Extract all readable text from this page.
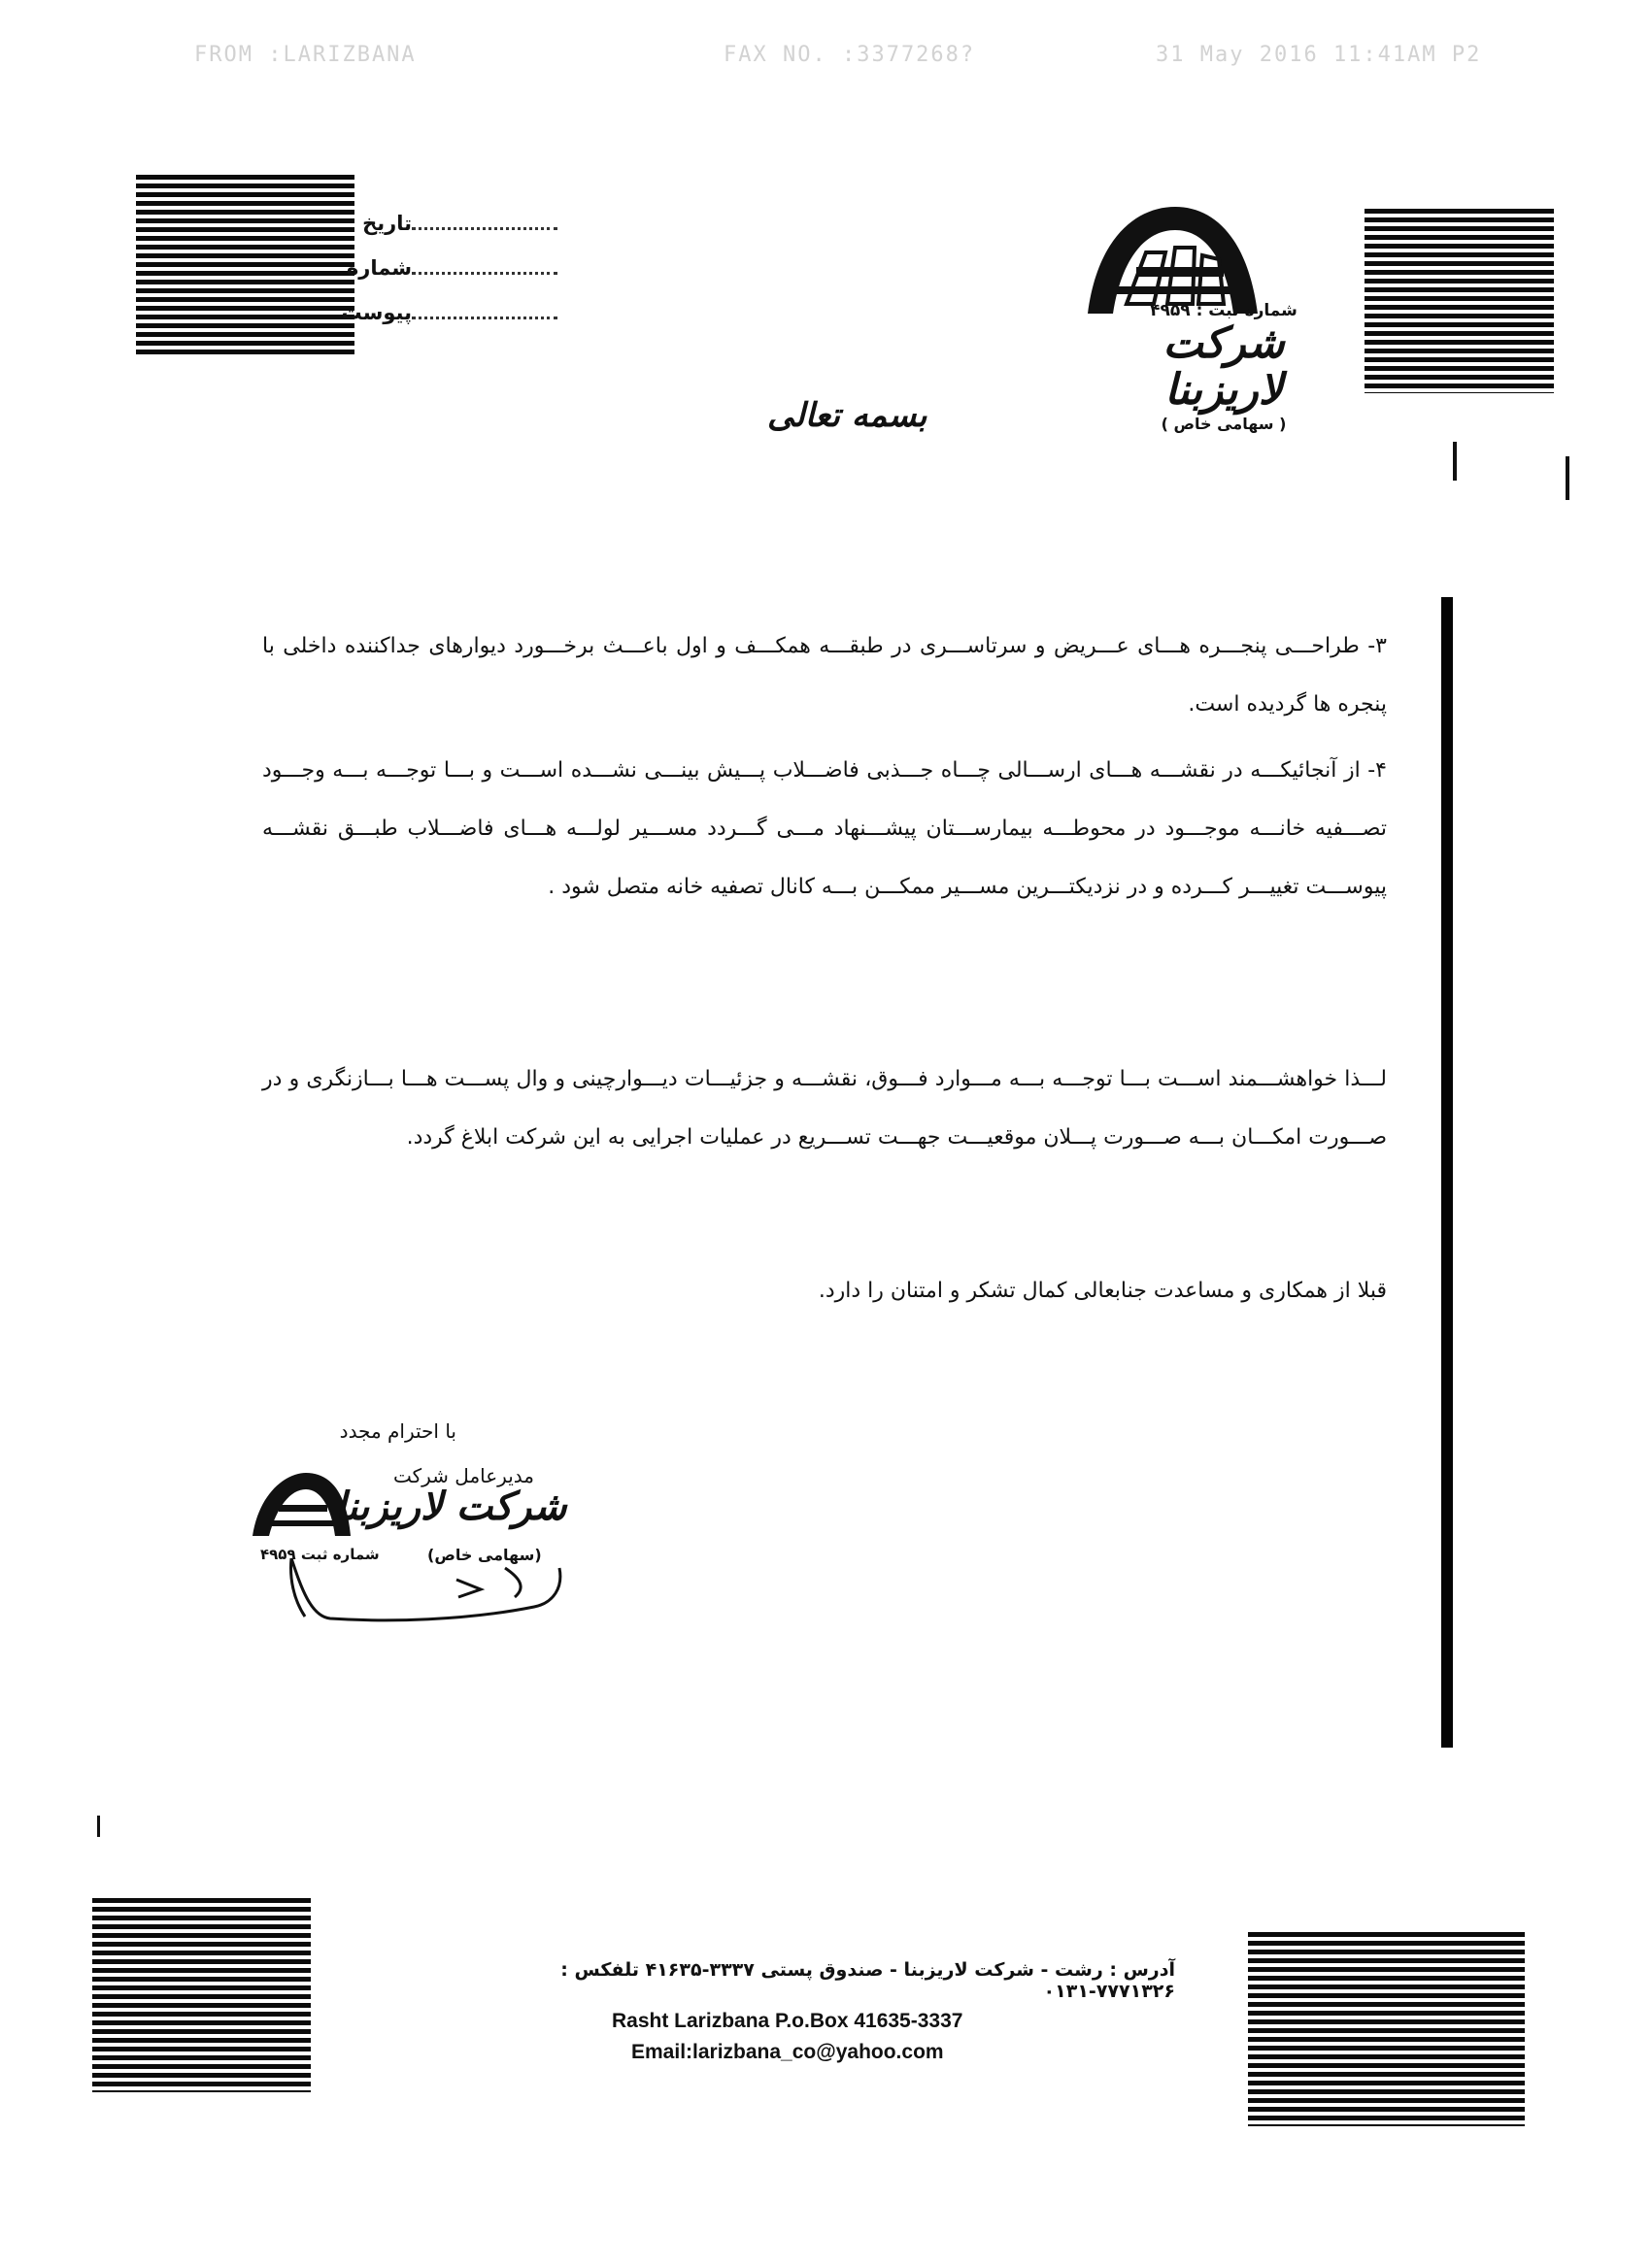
FROM :LARIZBANA	FAX NO. :3377268?	31 May 2016 11:41AM P2
تاريخ
شماره
پيوست	شماره ثبت : ۴۹۵۹
شرکت لاریزبنا
( سهامی خاص )
بسمه تعالی

۳- طراحـــی پنجـــره هـــای عـــریض و سرتاســـری در طبقـــه همکـــف و اول باعـــث برخـــورد دیوارهای جداکننده داخلی با پنجره ها گردیده است.

۴- از آنجائیکـــه در نقشـــه هـــای ارســـالی چـــاه جـــذبی فاضـــلاب پـــیش بینـــی نشـــده اســـت و بـــا توجـــه بـــه وجـــود تصـــفیه خانـــه موجـــود در محوطـــه بیمارســـتان پیشـــنهاد مـــی گـــردد مســـیر لولـــه هـــای فاضـــلاب طبـــق نقشـــه پیوســـت تغییـــر کـــرده و در نزدیکتـــرین مســـیر ممکـــن بـــه کانال تصفیه خانه متصل شود .

لـــذا خواهشـــمند اســـت بـــا توجـــه بـــه مـــوارد فـــوق، نقشـــه و جزئیـــات دیـــوارچینی و وال پســـت هـــا بـــازنگری و در صـــورت امکـــان بـــه صـــورت پـــلان موقعیـــت جهـــت تســـریع در عملیات اجرایی به این شرکت ابلاغ گردد.

قبلا از همکاری و مساعدت جنابعالی کمال تشکر و امتنان را دارد.

با احترام مجدد
مدیرعامل شرکت
شرکت لاریزبنا
(سهامی خاص)
شماره ثبت ۴۹۵۹
آدرس : رشت - شرکت لاریزبنا - صندوق پستی ۳۳۳۷-۴۱۶۳۵ تلفکس : ۷۷۷۱۳۲۶-۰۱۳۱
Rasht Larizbana P.o.Box 41635-3337
Email:larizbana_co@yahoo.com
